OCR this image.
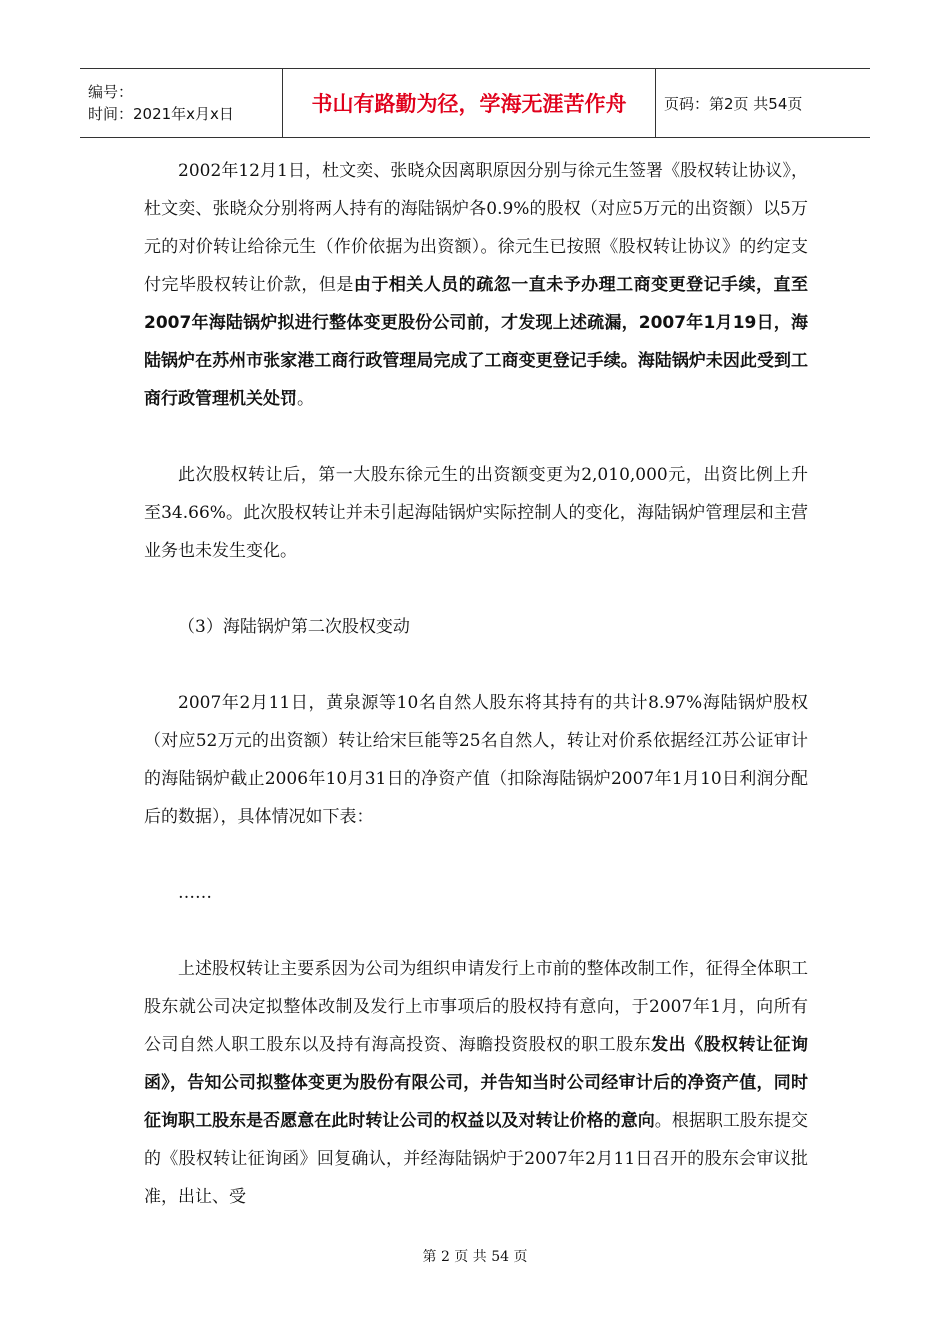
编号：
时间：2021年x月x日	书山有路勤为径，学海无涯苦作舟	页码：第2页 共54页

2002年12月1日，杜文奕、张晓众因离职原因分别与徐元生签署《股权转让协议》，杜文奕、张晓众分别将两人持有的海陆锅炉各0.9%的股权（对应5万元的出资额）以5万元的对价转让给徐元生（作价依据为出资额）。徐元生已按照《股权转让协议》的约定支付完毕股权转让价款，但是由于相关人员的疏忽一直未予办理工商变更登记手续，直至2007年海陆锅炉拟进行整体变更股份公司前，才发现上述疏漏，2007年1月19日，海陆锅炉在苏州市张家港工商行政管理局完成了工商变更登记手续。海陆锅炉未因此受到工商行政管理机关处罚。

此次股权转让后，第一大股东徐元生的出资额变更为2,010,000元，出资比例上升至34.66%。此次股权转让并未引起海陆锅炉实际控制人的变化，海陆锅炉管理层和主营业务也未发生变化。

（3）海陆锅炉第二次股权变动

2007年2月11日，黄泉源等10名自然人股东将其持有的共计8.97%海陆锅炉股权（对应52万元的出资额）转让给宋巨能等25名自然人，转让对价系依据经江苏公证审计的海陆锅炉截止2006年10月31日的净资产值（扣除海陆锅炉2007年1月10日利润分配后的数据），具体情况如下表：

……

上述股权转让主要系因为公司为组织申请发行上市前的整体改制工作，征得全体职工股东就公司决定拟整体改制及发行上市事项后的股权持有意向，于2007年1月，向所有公司自然人职工股东以及持有海高投资、海瞻投资股权的职工股东发出《股权转让征询函》，告知公司拟整体变更为股份有限公司，并告知当时公司经审计后的净资产值，同时征询职工股东是否愿意在此时转让公司的权益以及对转让价格的意向。根据职工股东提交的《股权转让征询函》回复确认，并经海陆锅炉于2007年2月11日召开的股东会审议批准，出让、受

第 2 页 共 54 页
